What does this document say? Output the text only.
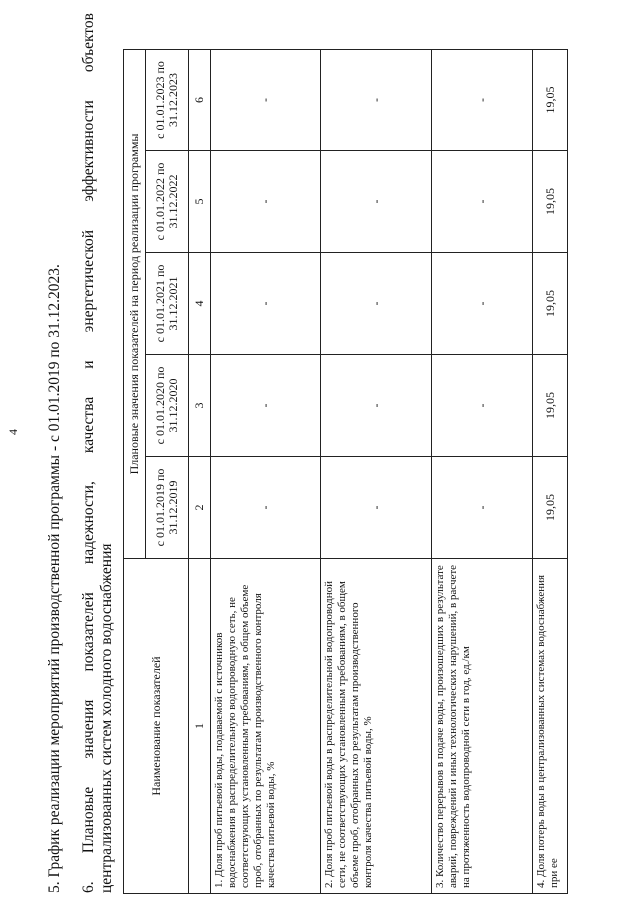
4 5. График реализации мероприятий производственной программы - с 01.01.2019 по 31.12.2023. 6.
Плановые
значения
показателей
надежности,
качества
и
энергетической
эффективности
объектов
централизованных систем холодного водоснабжения	Наименование показателей	Плановые значения показателей на период реализации программы				
	с 01.01.2019 по 31.12.2019	с 01.01.2020 по 31.12.2020	с 01.01.2021 по 31.12.2021	с 01.01.2022 по 31.12.2022	с 01.01.2023 по 31.12.2023
1	2	3	4	5	6
1. Доля проб питьевой воды, подаваемой с источников водоснабжения в распределительную водопроводную сеть, не соответствующих установленным требованиям, в общем объеме проб, отобранных по результатам производственного контроля качества питьевой воды, %	-	-	-	-	-
2. Доля проб питьевой воды в распределительной водопроводной сети, не соответствующих установленным требованиям, в общем объеме проб, отобранных по результатам производственного контроля качества питьевой воды, %	-	-	-	-	-
3. Количество перерывов в подаче воды, произошедших в результате аварий, повреждений и иных технологических нарушений, в расчете на протяженность водопроводной сети в год, ед./км	-	-	-	-	-
4. Доля потерь воды в централизованных системах водоснабжения при ее	19,05	19,05	19,05	19,05	19,05
